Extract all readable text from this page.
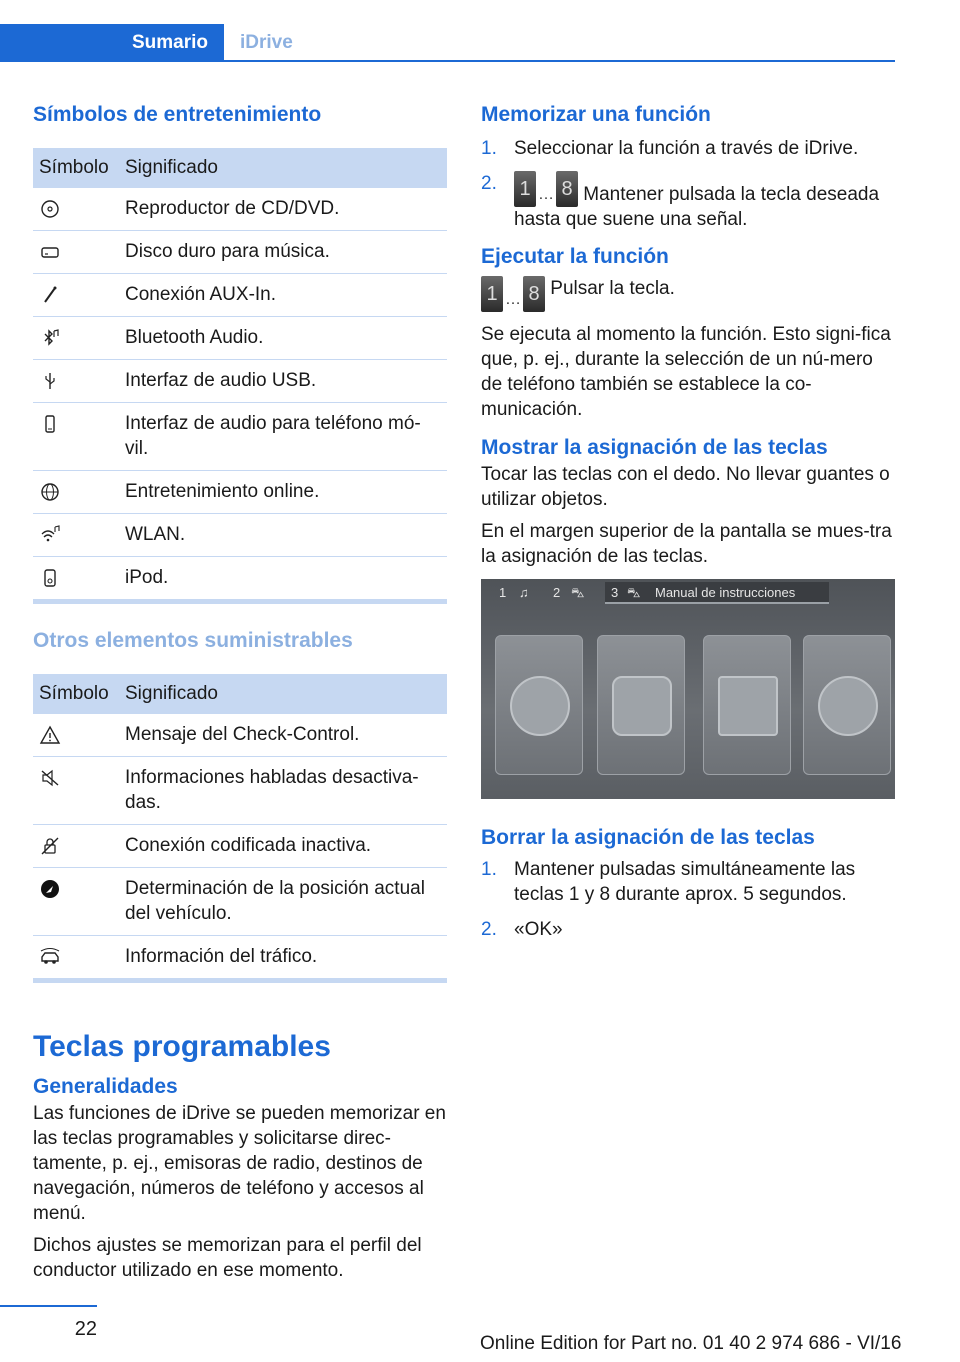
Sumario	iDrive
Símbolos de entretenimiento
Símbolo	Significado
	Reproductor de CD/DVD.
	Disco duro para música.
	Conexión AUX-In.
	Bluetooth Audio.
	Interfaz de audio USB.
	Interfaz de audio para teléfono mó-
vil.
	Entretenimiento online.
	WLAN.
	iPod.
Otros elementos suministrables
Símbolo	Significado
	Mensaje del Check-Control.
	Informaciones habladas desactiva-
das.
	Conexión codificada inactiva.
	Determinación de la posición actual
del vehículo.
	Información del tráfico.
Teclas programables
Generalidades

Las funciones de iDrive se pueden memorizar en las teclas programables y solicitarse direc-tamente, p. ej., emisoras de radio, destinos de navegación, números de teléfono y accesos al menú.

Dichos ajustes se memorizan para el perfil del conductor utilizado en ese momento.

Memorizar una función
1. Seleccionar la función a través de iDrive.
2. 1 … 8 Mantener pulsada la tecla deseada hasta que suene una señal.
Ejecutar la función

1 … 8 Pulsar la tecla.

Se ejecuta al momento la función. Esto signi-fica que, p. ej., durante la selección de un nú-mero de teléfono también se establece la co-municación.

Mostrar la asignación de las teclas

Tocar las teclas con el dedo. No llevar guantes o utilizar objetos.

En el margen superior de la pantalla se mues-tra la asignación de las teclas.

1 ♫ 2 ⛍ 3 ⛍ Manual de instrucciones
Borrar la asignación de las teclas
1. Mantener pulsadas simultáneamente las teclas 1 y 8 durante aprox. 5 segundos.
2. «OK»
22
Online Edition for Part no. 01 40 2 974 686 - VI/16
